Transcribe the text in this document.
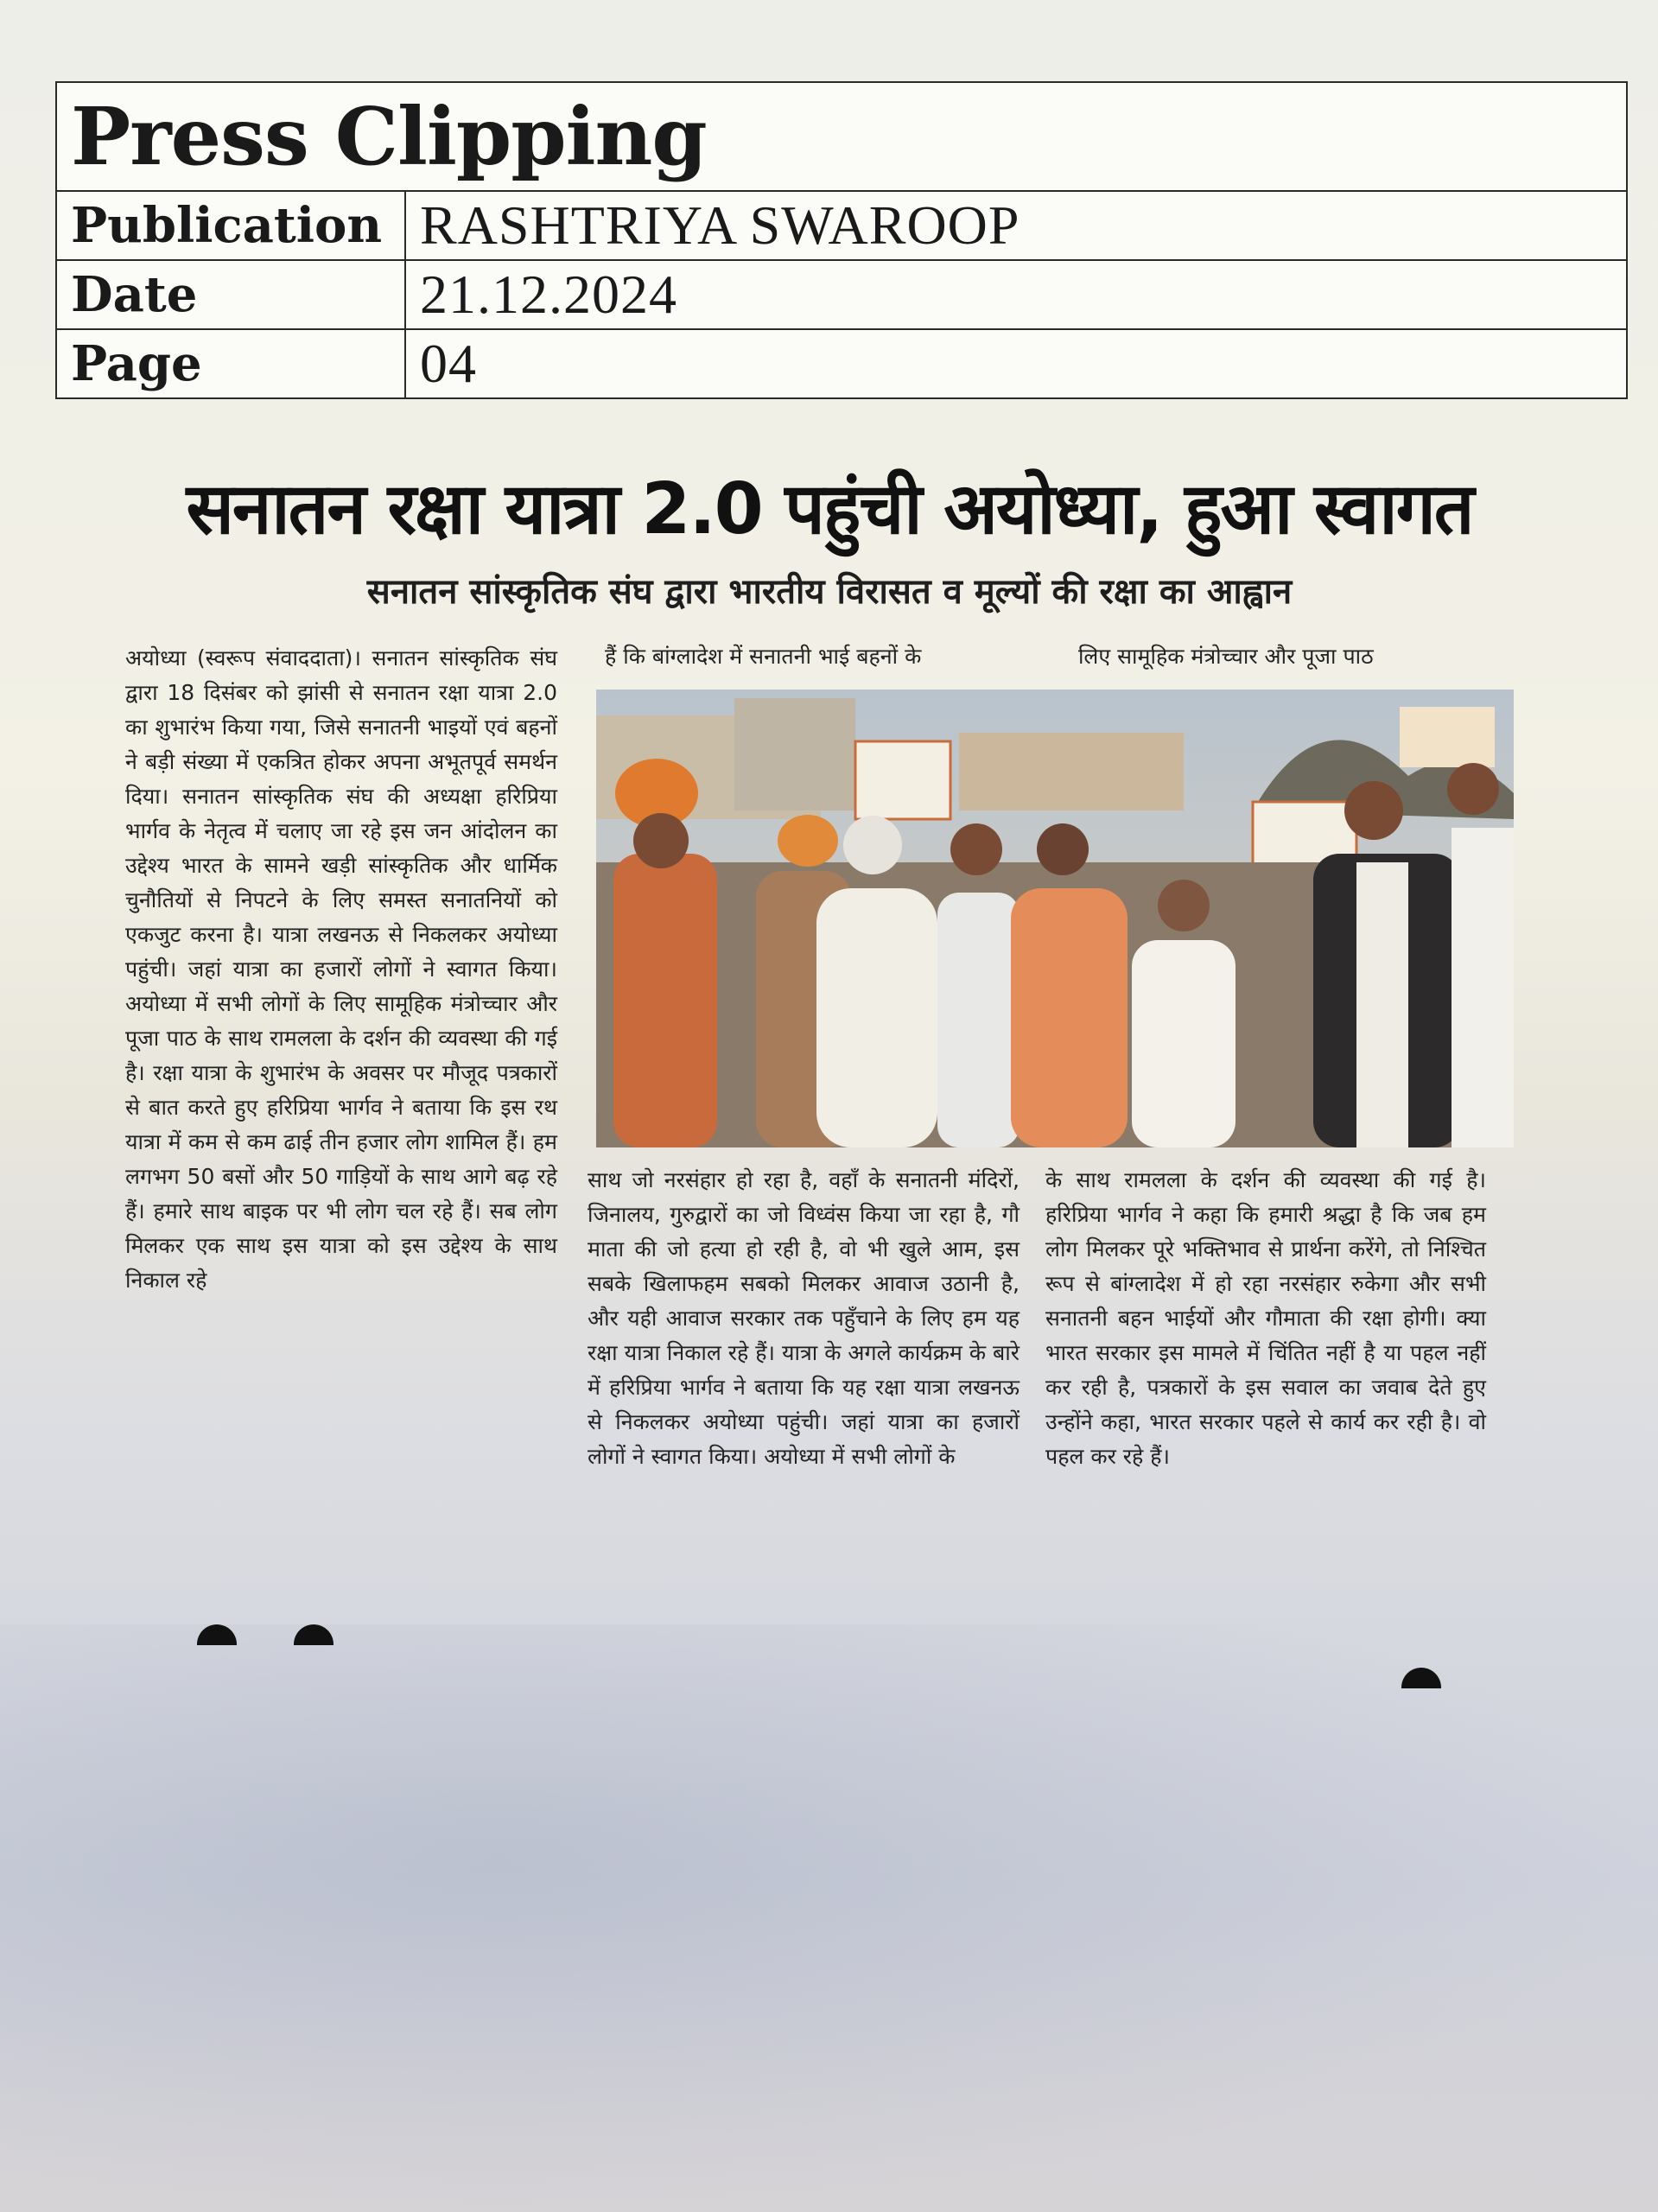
Press Clipping	
Publication	RASHTRIYA SWAROOP
Date	21.12.2024
Page	04
सनातन रक्षा यात्रा 2.0 पहुंची अयोध्या, हुआ स्वागत
सनातन सांस्कृतिक संघ द्वारा भारतीय विरासत व मूल्यों की रक्षा का आह्वान
अयोध्या (स्वरूप संवाददाता)। सनातन सांस्कृतिक संघ द्वारा 18 दिसंबर को झांसी से सनातन रक्षा यात्रा 2.0 का शुभारंभ किया गया, जिसे सनातनी भाइयों एवं बहनों ने बड़ी संख्या में एकत्रित होकर अपना अभूतपूर्व समर्थन दिया। सनातन सांस्कृतिक संघ की अध्यक्षा हरिप्रिया भार्गव के नेतृत्व में चलाए जा रहे इस जन आंदोलन का उद्देश्य भारत के सामने खड़ी सांस्कृतिक और धार्मिक चुनौतियों से निपटने के लिए समस्त सनातनियों को एकजुट करना है। यात्रा लखनऊ से निकलकर अयोध्या पहुंची। जहां यात्रा का हजारों लोगों ने स्वागत किया। अयोध्या में सभी लोगों के लिए सामूहिक मंत्रोच्चार और पूजा पाठ के साथ रामलला के दर्शन की व्यवस्था की गई है। रक्षा यात्रा के शुभारंभ के अवसर पर मौजूद पत्रकारों से बात करते हुए हरिप्रिया भार्गव ने बताया कि इस रथ यात्रा में कम से कम ढाई तीन हजार लोग शामिल हैं। हम लगभग 50 बसों और 50 गाड़ियों के साथ आगे बढ़ रहे हैं। हमारे साथ बाइक पर भी लोग चल रहे हैं। सब लोग मिलकर एक साथ इस यात्रा को इस उद्देश्य के साथ निकाल रहे
हैं कि बांग्लादेश में सनातनी भाई बहनों के	लिए सामूहिक मंत्रोच्चार और पूजा पाठ
साथ जो नरसंहार हो रहा है, वहाँ के सनातनी मंदिरों, जिनालय, गुरुद्वारों का जो विध्वंस किया जा रहा है, गौ माता की जो हत्या हो रही है, वो भी खुले आम, इस सबके खिलाफहम सबको मिलकर आवाज उठानी है, और यही आवाज सरकार तक पहुँचाने के लिए हम यह रक्षा यात्रा निकाल रहे हैं। यात्रा के अगले कार्यक्रम के बारे में हरिप्रिया भार्गव ने बताया कि यह रक्षा यात्रा लखनऊ से निकलकर अयोध्या पहुंची। जहां यात्रा का हजारों लोगों ने स्वागत किया। अयोध्या में सभी लोगों के
के साथ रामलला के दर्शन की व्यवस्था की गई है। हरिप्रिया भार्गव ने कहा कि हमारी श्रद्धा है कि जब हम लोग मिलकर पूरे भक्तिभाव से प्रार्थना करेंगे, तो निश्चित रूप से बांग्लादेश में हो रहा नरसंहार रुकेगा और सभी सनातनी बहन भाईयों और गौमाता की रक्षा होगी। क्या भारत सरकार इस मामले में चिंतित नहीं है या पहल नहीं कर रही है, पत्रकारों के इस सवाल का जवाब देते हुए उन्होंने कहा, भारत सरकार पहले से कार्य कर रही है। वो पहल कर रहे हैं।
